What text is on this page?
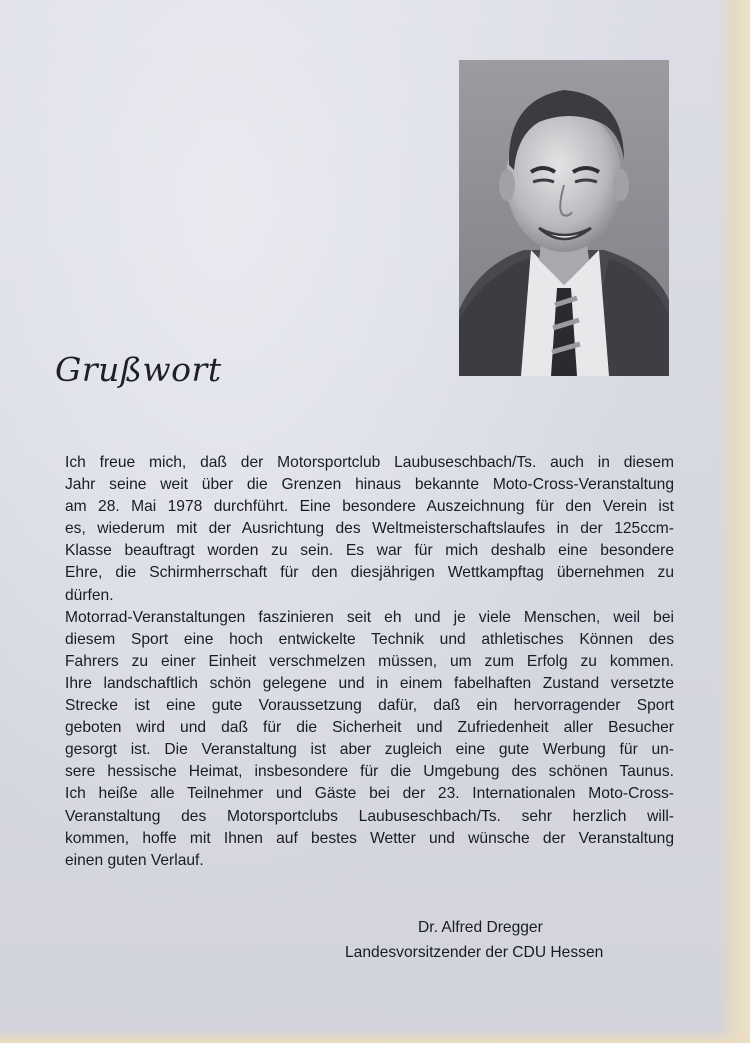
Grußwort
Ich freue mich, daß der Motorsportclub Laubuseschbach/Ts. auch in diesem
Jahr seine weit über die Grenzen hinaus bekannte Moto-Cross-Veranstaltung
am 28. Mai 1978 durchführt. Eine besondere Auszeichnung für den Verein ist
es, wiederum mit der Ausrichtung des Weltmeisterschaftslaufes in der 125ccm-
Klasse beauftragt worden zu sein. Es war für mich deshalb eine besondere
Ehre, die Schirmherrschaft für den diesjährigen Wettkampftag übernehmen zu
dürfen.
Motorrad-Veranstaltungen faszinieren seit eh und je viele Menschen, weil bei
diesem Sport eine hoch entwickelte Technik und athletisches Können des
Fahrers zu einer Einheit verschmelzen müssen, um zum Erfolg zu kommen.
Ihre landschaftlich schön gelegene und in einem fabelhaften Zustand versetzte
Strecke ist eine gute Voraussetzung dafür, daß ein hervorragender Sport
geboten wird und daß für die Sicherheit und Zufriedenheit aller Besucher
gesorgt ist. Die Veranstaltung ist aber zugleich eine gute Werbung für un-
sere hessische Heimat, insbesondere für die Umgebung des schönen Taunus.
Ich heiße alle Teilnehmer und Gäste bei der 23. Internationalen Moto-Cross-
Veranstaltung des Motorsportclubs Laubuseschbach/Ts. sehr herzlich will-
kommen, hoffe mit Ihnen auf bestes Wetter und wünsche der Veranstaltung
einen guten Verlauf.
Dr. Alfred Dregger
Landesvorsitzender der CDU Hessen
